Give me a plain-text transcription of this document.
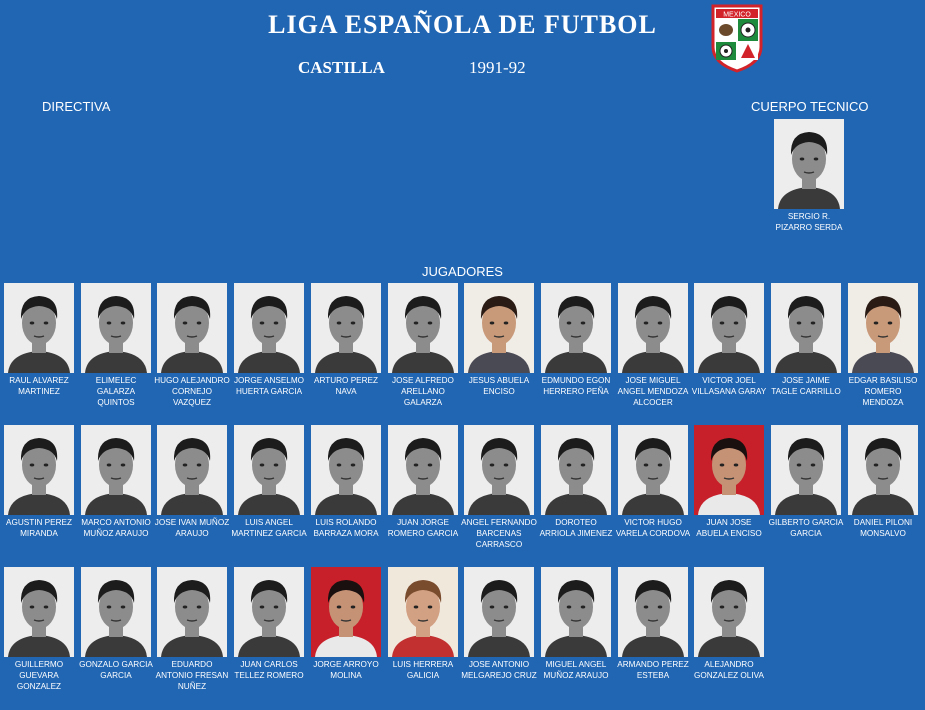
LIGA ESPAÑOLA DE FUTBOL
CASTILLA	1991-92
MEXICO
DIRECTIVA	CUERPO TECNICO
SERGIO R. PIZARRO SERDA
JUGADORES
RAUL ALVAREZ MARTINEZ
ELIMELEC GALARZA QUINTOS
HUGO ALEJANDRO CORNEJO VAZQUEZ
JORGE ANSELMO HUERTA GARCIA
ARTURO PEREZ NAVA
JOSE ALFREDO ARELLANO GALARZA
JESUS ABUELA ENCISO
EDMUNDO EGON HERRERO PEÑA
JOSE MIGUEL ANGEL MENDOZA ALCOCER
VICTOR JOEL VILLASANA GARAY
JOSE JAIME TAGLE CARRILLO
EDGAR BASILISO ROMERO MENDOZA
AGUSTIN PEREZ MIRANDA
MARCO ANTONIO MUÑOZ ARAUJO
JOSE IVAN MUÑOZ ARAUJO
LUIS ANGEL MARTINEZ GARCIA
LUIS ROLANDO BARRAZA MORA
JUAN JORGE ROMERO GARCIA
ANGEL FERNANDO BARCENAS CARRASCO
DOROTEO ARRIOLA JIMENEZ
VICTOR HUGO VARELA CORDOVA
JUAN JOSE ABUELA ENCISO
GILBERTO GARCIA GARCIA
DANIEL PILONI MONSALVO
GUILLERMO GUEVARA GONZALEZ
GONZALO GARCIA GARCIA
EDUARDO ANTONIO FRESAN NUÑEZ
JUAN CARLOS TELLEZ ROMERO
JORGE ARROYO MOLINA
LUIS HERRERA GALICIA
JOSE ANTONIO MELGAREJO CRUZ
MIGUEL ANGEL MUÑOZ ARAUJO
ARMANDO PEREZ ESTEBA
ALEJANDRO GONZALEZ OLIVA
